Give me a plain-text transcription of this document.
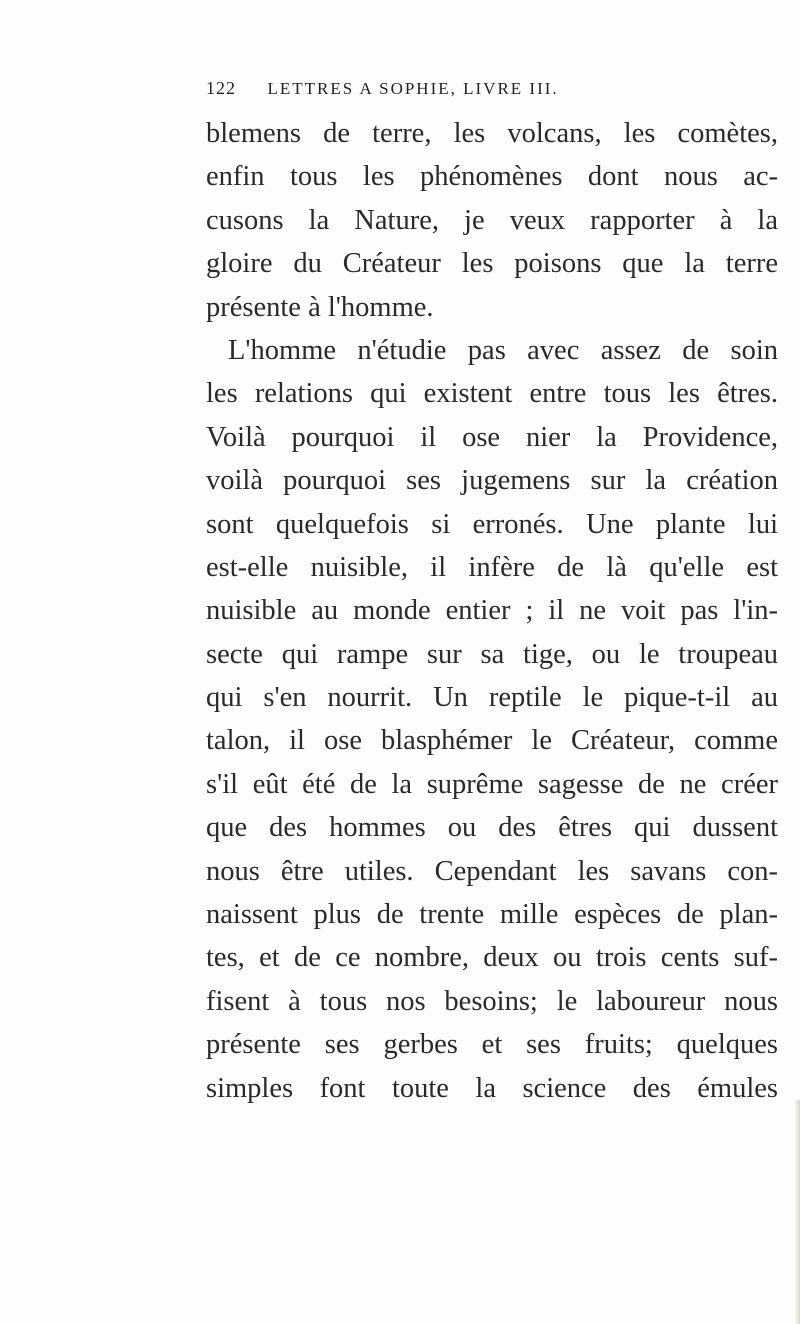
122 LETTRES A SOPHIE, LIVRE III.
blemens de terre, les volcans, les comètes,
enfin tous les phénomènes dont nous ac-
cusons la Nature, je veux rapporter à la
gloire du Créateur les poisons que la terre
présente à l'homme.
L'homme n'étudie pas avec assez de soin
les relations qui existent entre tous les êtres.
Voilà pourquoi il ose nier la Providence,
voilà pourquoi ses jugemens sur la création
sont quelquefois si erronés. Une plante lui
est-elle nuisible, il infère de là qu'elle est
nuisible au monde entier ; il ne voit pas l'in-
secte qui rampe sur sa tige, ou le troupeau
qui s'en nourrit. Un reptile le pique-t-il au
talon, il ose blasphémer le Créateur, comme
s'il eût été de la suprême sagesse de ne créer
que des hommes ou des êtres qui dussent
nous être utiles. Cependant les savans con-
naissent plus de trente mille espèces de plan-
tes, et de ce nombre, deux ou trois cents suf-
fisent à tous nos besoins; le laboureur nous
présente ses gerbes et ses fruits; quelques
simples font toute la science des émules
